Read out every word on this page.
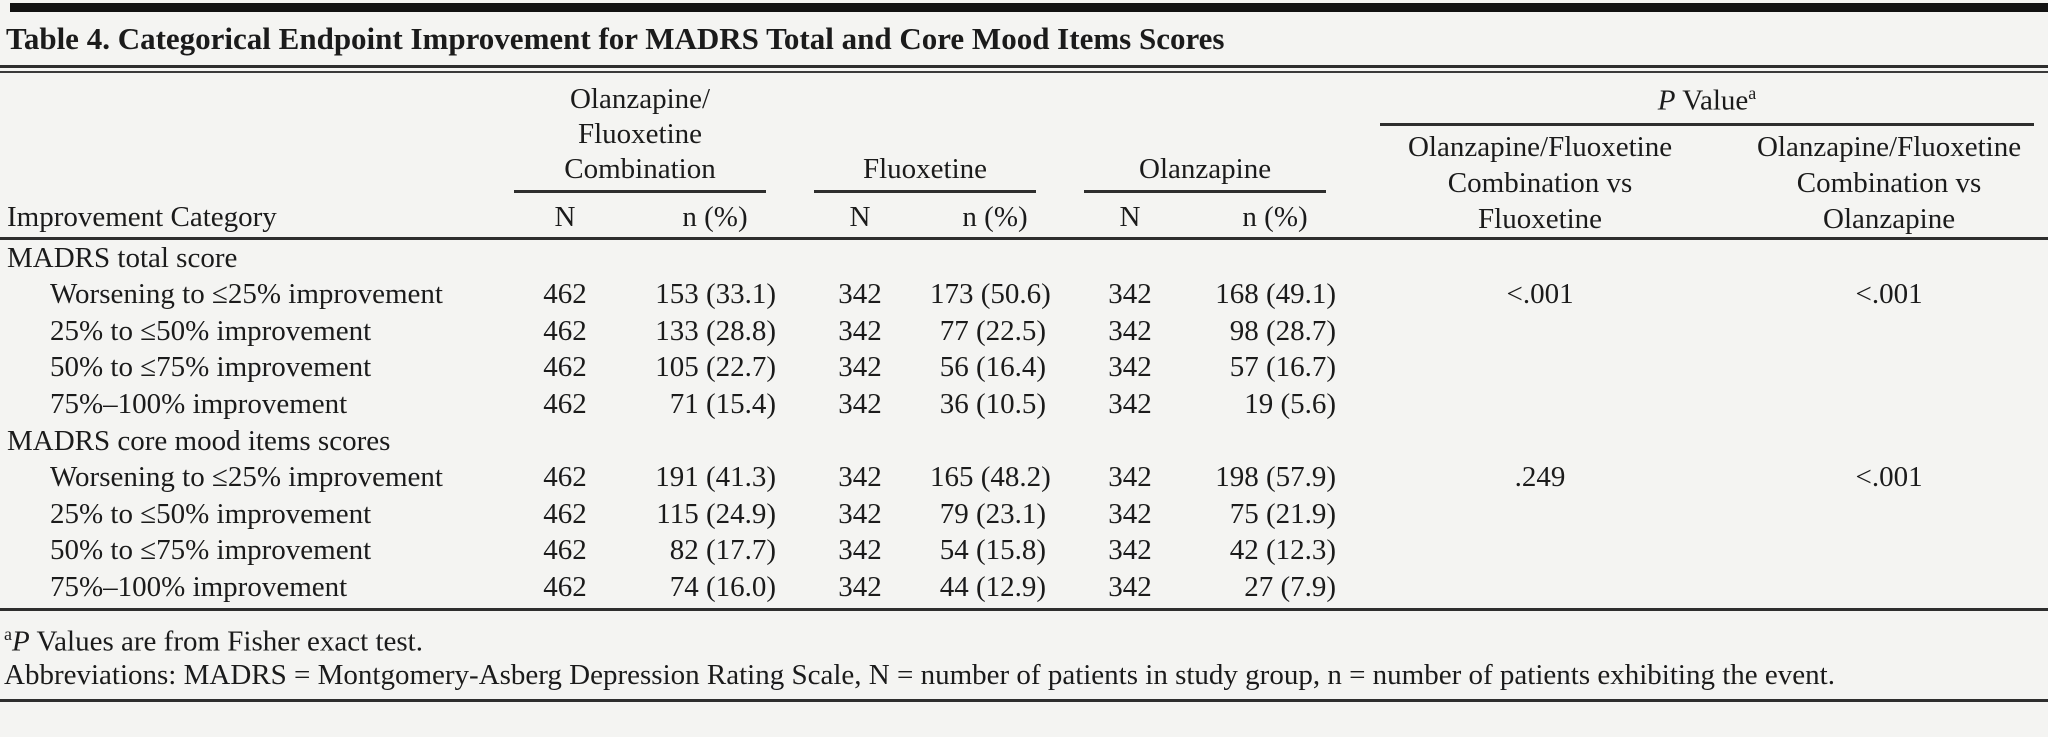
Table 4. Categorical Endpoint Improvement for MADRS Total and Core Mood Items Scores

Olanzapine/
Fluoxetine
Combination	Fluoxetine	Olanzapine

P Value$^a$
Olanzapine/Fluoxetine
Combination vs
Fluoxetine
Olanzapine/Fluoxetine
Combination vs
Olanzapine

Improvement Category	N	n (%)	N	n (%)	N	n (%)		
MADRS total score								
Worsening to ≤25% improvement	462	153 (33.1)	342	173 (50.6)	342	168 (49.1)	<.001	<.001
25% to ≤50% improvement	462	133 (28.8)	342	77 (22.5)	342	98 (28.7)		
50% to ≤75% improvement	462	105 (22.7)	342	56 (16.4)	342	57 (16.7)		
75%–100% improvement	462	71 (15.4)	342	36 (10.5)	342	19 (5.6)		
MADRS core mood items scores								
Worsening to ≤25% improvement	462	191 (41.3)	342	165 (48.2)	342	198 (57.9)	.249	<.001
25% to ≤50% improvement	462	115 (24.9)	342	79 (23.1)	342	75 (21.9)		
50% to ≤75% improvement	462	82 (17.7)	342	54 (15.8)	342	42 (12.3)		
75%–100% improvement	462	74 (16.0)	342	44 (12.9)	342	27 (7.9)		
$^a$P Values are from Fisher exact test.
Abbreviations: MADRS = Montgomery-Asberg Depression Rating Scale, N = number of patients in study group, n = number of patients exhibiting the event.
